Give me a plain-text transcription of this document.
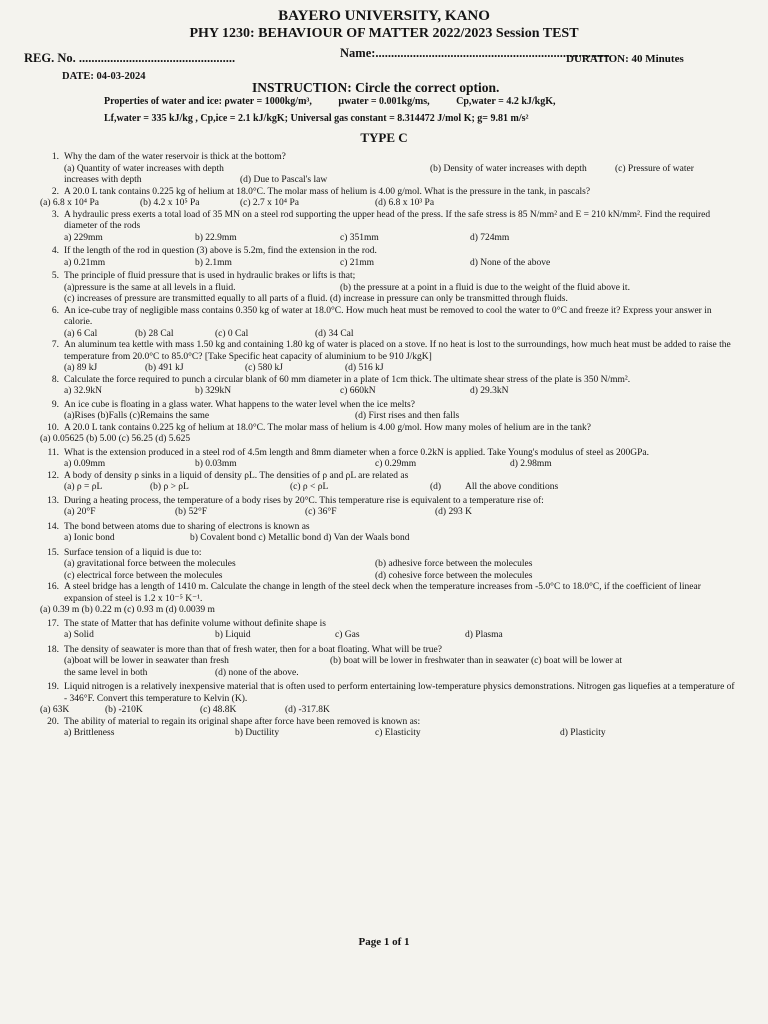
BAYERO UNIVERSITY, KANO
PHY 1230: BEHAVIOUR OF MATTER 2022/2023 Session TEST
REG. No. ..................................................	Name:...........................................................................
DURATION: 40 Minutes
DATE: 04-03-2024
INSTRUCTION: Circle the correct option.
Properties of water and ice: ρwater = 1000kg/m³,	μwater = 0.001kg/ms,	Cp,water = 4.2 kJ/kgK,
Lf,water = 335 kJ/kg , Cp,ice = 2.1 kJ/kgK; Universal gas constant = 8.314472 J/mol K; g= 9.81 m/s²
TYPE C
1. Why the dam of the water reservoir is thick at the bottom?
(a) Quantity of water increases with depth	(b) Density of water increases with depth	(c) Pressure of water
increases with depth	(d) Due to Pascal's law
2. A 20.0 L tank contains 0.225 kg of helium at 18.0°C. The molar mass of helium is 4.00 g/mol. What is the pressure in the tank, in pascals?
(a) 6.8 x 10⁴ Pa	(b) 4.2 x 10⁵ Pa	(c) 2.7 x 10⁴ Pa	(d) 6.8 x 10³ Pa
3. A hydraulic press exerts a total load of 35 MN on a steel rod supporting the upper head of the press. If the safe stress is 85 N/mm² and E = 210 kN/mm². Find the required diameter of the rods
a) 229mm	b) 22.9mm	c) 351mm	d) 724mm
4. If the length of the rod in question (3) above is 5.2m, find the extension in the rod.
a) 0.21mm	b) 2.1mm	c) 21mm	d) None of the above
5. The principle of fluid pressure that is used in hydraulic brakes or lifts is that;
(a)pressure is the same at all levels in a fluid.	(b) the pressure at a point in a fluid is due to the weight of the fluid above it.
(c) increases of pressure are transmitted equally to all parts of a fluid. (d) increase in pressure can only be transmitted through fluids.
6. An ice-cube tray of negligible mass contains 0.350 kg of water at 18.0°C. How much heat must be removed to cool the water to 0°C and freeze it? Express your answer in calorie.
(a) 6 Cal	(b) 28 Cal	(c) 0 Cal	(d) 34 Cal
7. An aluminum tea kettle with mass 1.50 kg and containing 1.80 kg of water is placed on a stove. If no heat is lost to the surroundings, how much heat must be added to raise the temperature from 20.0°C to 85.0°C? [Take Specific heat capacity of aluminium to be 910 J/kgK]
(a) 89 kJ	(b) 491 kJ	(c) 580 kJ	(d) 516 kJ
8. Calculate the force required to punch a circular blank of 60 mm diameter in a plate of 1cm thick. The ultimate shear stress of the plate is 350 N/mm².
a) 32.9kN	b) 329kN	c) 660kN	d) 29.3kN
9. An ice cube is floating in a glass water. What happens to the water level when the ice melts?
(a)Rises (b)Falls (c)Remains the same	(d) First rises and then falls
10. A 20.0 L tank contains 0.225 kg of helium at 18.0°C. The molar mass of helium is 4.00 g/mol. How many moles of helium are in the tank?
(a) 0.05625 (b) 5.00 (c) 56.25 (d) 5.625
11. What is the extension produced in a steel rod of 4.5m length and 8mm diameter when a force 0.2kN is applied. Take Young's modulus of steel as 200GPa.
a) 0.09mm	b) 0.03mm	c) 0.29mm	d) 2.98mm
12. A body of density ρ sinks in a liquid of density ρL. The densities of ρ and ρL are related as
(a) ρ = ρL	(b) ρ > ρL	(c) ρ < ρL	(d)	All the above conditions
13. During a heating process, the temperature of a body rises by 20°C. This temperature rise is equivalent to a temperature rise of:
(a) 20°F	(b) 52°F	(c) 36°F	(d) 293 K
14. The bond between atoms due to sharing of electrons is known as
a) Ionic bond	b) Covalent bond c) Metallic bond d) Van der Waals bond
15. Surface tension of a liquid is due to:
(a) gravitational force between the molecules	(b) adhesive force between the molecules
(c) electrical force between the molecules	(d) cohesive force between the molecules
16. A steel bridge has a length of 1410 m. Calculate the change in length of the steel deck when the temperature increases from -5.0°C to 18.0°C, if the coefficient of linear expansion of steel is 1.2 x 10⁻⁵ K⁻¹.
(a) 0.39 m (b) 0.22 m (c) 0.93 m (d) 0.0039 m
17. The state of Matter that has definite volume without definite shape is
a) Solid	b) Liquid	c) Gas	d) Plasma
18. The density of seawater is more than that of fresh water, then for a boat floating. What will be true?
(a)boat will be lower in seawater than fresh	(b) boat will be lower in freshwater than in seawater (c) boat will be lower at
the same level in both	(d) none of the above.
19. Liquid nitrogen is a relatively inexpensive material that is often used to perform entertaining low-temperature physics demonstrations. Nitrogen gas liquefies at a temperature of - 346°F. Convert this temperature to Kelvin (K).
(a) 63K	(b) -210K	(c) 48.8K	(d) -317.8K
20. The ability of material to regain its original shape after force have been removed is known as:
a) Brittleness	b) Ductility	c) Elasticity	d) Plasticity
Page 1 of 1
